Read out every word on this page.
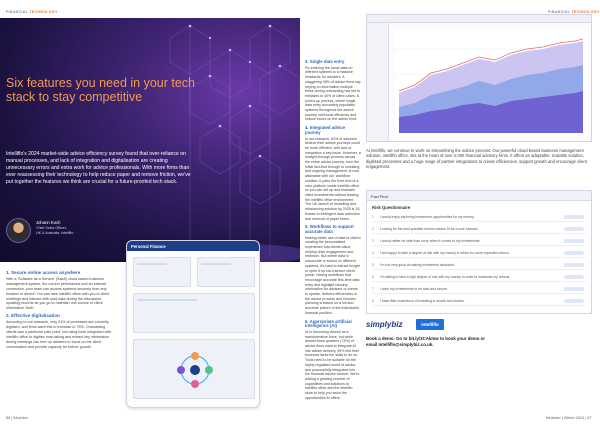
FINANCIAL TECHNOLOGY
Six features you need in your tech stack to stay competitive
Intelliflo's 2024 market-wide advice efficiency survey found that over-reliance on manual processes, and lack of integration and digitalisation are creating unnecessary errors and extra work for advice professionals. With more firms than ever reassessing their technology to help reduce paper and remove friction, we've put together the features we think are crucial for a future-proofed tech stack.
Johann Koch
Chief Sales Officer,
UK & Australia, Intelliflo
Personal Finance
1. Secure online access anywhere

With a 'Software as a Service' (SaaS) cloud-based business management system, the correct permissions and an internet connection, your team can access systems securely from any location or device. You can take intelliflo office with you to client meetings and interact with read data during the discussion, updating records as you go to maintain one source of client information 'truth'.

2. Effective digitalisation

According to our research, only 31% of processes are currently digitised, and firms want this to increase to 75%. Onboarding clients was a particular pain point, but using tools integrated with intelliflo office to digitise note-taking and extract key information during meetings can free up advisers to focus on the client conversation and provide capacity for further growth.

86 | ftAdviser
FINANCIAL TECHNOLOGY
3. Single data entry

Re-entering the same data on different systems is a massive headache for advisers. A staggering 48% of advice firms say relying on information multiple times during onboarding has led to mistakes in 40% of client cases. A joined-up process, where single data entry accurately populates systems throughout the advice journey, will boost efficiency and reduce errors on the admin front.

4. Integrated advice journey

In our research, 64% of advisers believe their advice journeys could be more efficient, with lack of integration a key issue. However, a straight-through process across the entire advice journey, from the initial fact-find through to investing and ongoing management, is now attainable with our 'workflow' solution. It pairs the front end of a robo platform inside intelliflo office, so you can set up and maintain client investments without leaving the intelliflo office environment. The UK launch of modelling and rebalancing solution by 2025 is 15, thanks to intelligent data collection and removal of paper forms.

5. Workflows to support accurate data

Making better use of data is vital to creating the personalised experience that clients value, helping drive engagement and retention. But where data is inaccurate or stored on different systems, it's hard to extract insight or open it up via a secure client portal. Having workflows that encourage accurate first-time data entry and highlight missing information for advisers or clients to update, delivers efficiencies in the advice process and ensures planning is based on a full and accurate picture of the individual's financial position.

6. Appropriate artificial intelligence (AI)

AI is becoming viewed as a transformative force, but while almost three-quarters (73%) of advice firms want to integrate AI into advice delivery, 59% feel their business lacks the skills to do so. Tools need to be suitable for the highly regulated world of advice, and purposefully integrated into the financial advice context. We're adding a growing number of capabilities and solutions to intelliflo office and the intelliflo store to help you seize the opportunities AI offers.

At intelliflo, we continue to work on streamlining the advice process. Our powerful cloud-based business management solution, intelliflo office, sits at the heart of over 2,000 financial advisory firms. It offers an adaptable, scalable solution, digitised processes and a huge range of partner integrations to create efficiencies, support growth and encourage client engagement.
Fact Find
Risk Questionnaire
1 I would enjoy exploring investment opportunities for my money.
2 Looking for the best possible returns means I'll be a sure investor.
3 I would rather be safe than sorry when it comes to my investments.
4 I am happy to take a degree of risk with my money in return for more expected returns.
5 I'm not very good at making investment decisions.
6 I'm willing to take a high degree of risk with my money in order to maximise my returns.
7 I want my investments to be safe and secure.
8 I have little experience of investing in stocks and shares.
simplybiz	intelliflo
Book a demo. Go to bit.ly/3CAkmw to book your demo or
email intelliflo@simplybiz.co.uk.
ftAdviser | Winter 2024 | 87
